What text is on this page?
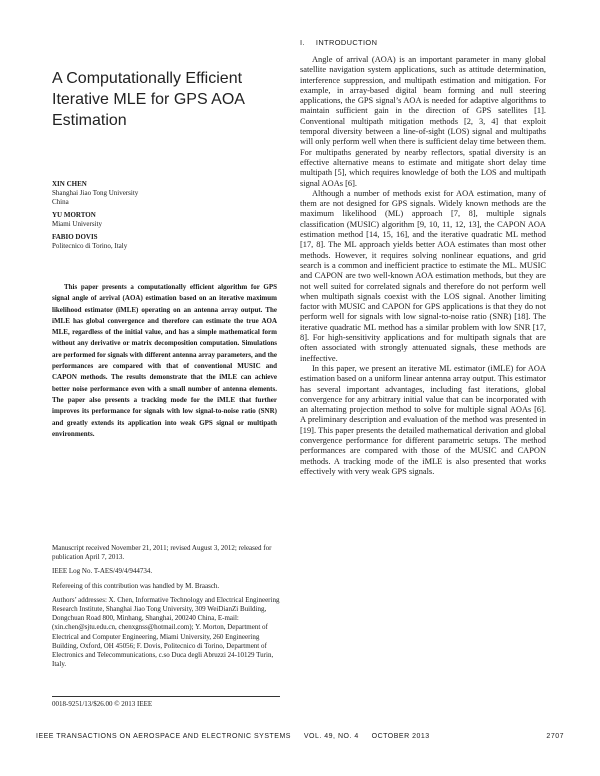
A Computationally Efficient Iterative MLE for GPS AOA Estimation
XIN CHEN
Shanghai Jiao Tong University
China
YU MORTON
Miami University
FABIO DOVIS
Politecnico di Torino, Italy
This paper presents a computationally efficient algorithm for GPS signal angle of arrival (AOA) estimation based on an iterative maximum likelihood estimator (iMLE) operating on an antenna array output. The iMLE has global convergence and therefore can estimate the true AOA MLE, regardless of the initial value, and has a simple mathematical form without any derivative or matrix decomposition computation. Simulations are performed for signals with different antenna array parameters, and the performances are compared with that of conventional MUSIC and CAPON methods. The results demonstrate that the iMLE can achieve better noise performance even with a small number of antenna elements. The paper also presents a tracking mode for the iMLE that further improves its performance for signals with low signal-to-noise ratio (SNR) and greatly extends its application into weak GPS signal or multipath environments.

Manuscript received November 21, 2011; revised August 3, 2012; released for publication April 7, 2013.

IEEE Log No. T-AES/49/4/944734.

Refereeing of this contribution was handled by M. Braasch.

Authors’ addresses: X. Chen, Informative Technology and Electrical Engineering Research Institute, Shanghai Jiao Tong University, 309 WeiDianZi Building, Dongchuan Road 800, Minhang, Shanghai, 200240 China, E-mail: (xin.chen@sjtu.edu.cn, chenxgnss@hotmail.com); Y. Morton, Department of Electrical and Computer Engineering, Miami University, 260 Engineering Building, Oxford, OH 45056; F. Dovis, Politecnico di Torino, Department of Electronics and Telecommunications, c.so Duca degli Abruzzi 24-10129 Turin, Italy.

0018-9251/13/$26.00 © 2013 IEEE
I. INTRODUCTION

Angle of arrival (AOA) is an important parameter in many global satellite navigation system applications, such as attitude determination, interference suppression, and multipath estimation and mitigation. For example, in array-based digital beam forming and null steering applications, the GPS signal’s AOA is needed for adaptive algorithms to maintain sufficient gain in the direction of GPS satellites [1]. Conventional multipath mitigation methods [2, 3, 4] that exploit temporal diversity between a line-of-sight (LOS) signal and multipaths will only perform well when there is sufficient delay time between them. For multipaths generated by nearby reflectors, spatial diversity is an effective alternative means to estimate and mitigate short delay time multipath [5], which requires knowledge of both the LOS and multipath signal AOAs [6].

Although a number of methods exist for AOA estimation, many of them are not designed for GPS signals. Widely known methods are the maximum likelihood (ML) approach [7, 8], multiple signals classification (MUSIC) algorithm [9, 10, 11, 12, 13], the CAPON AOA estimation method [14, 15, 16], and the iterative quadratic ML method [17, 8]. The ML approach yields better AOA estimates than most other methods. However, it requires solving nonlinear equations, and grid search is a common and inefficient practice to estimate the ML. MUSIC and CAPON are two well-known AOA estimation methods, but they are not well suited for correlated signals and therefore do not perform well when multipath signals coexist with the LOS signal. Another limiting factor with MUSIC and CAPON for GPS applications is that they do not perform well for signals with low signal-to-noise ratio (SNR) [18]. The iterative quadratic ML method has a similar problem with low SNR [17, 8]. For high-sensitivity applications and for multipath signals that are often associated with strongly attenuated signals, these methods are ineffective.

In this paper, we present an iterative ML estimator (iMLE) for AOA estimation based on a uniform linear antenna array output. This estimator has several important advantages, including fast iterations, global convergence for any arbitrary initial value that can be incorporated with an alternating projection method to solve for multiple signal AOAs [6]. A preliminary description and evaluation of the method was presented in [19]. This paper presents the detailed mathematical derivation and global convergence performance for different parametric setups. The method performances are compared with those of the MUSIC and CAPON methods. A tracking mode of the iMLE is also presented that works effectively with very weak GPS signals.

IEEE TRANSACTIONS ON AEROSPACE AND ELECTRONIC SYSTEMS VOL. 49, NO. 4 OCTOBER 2013	2707
